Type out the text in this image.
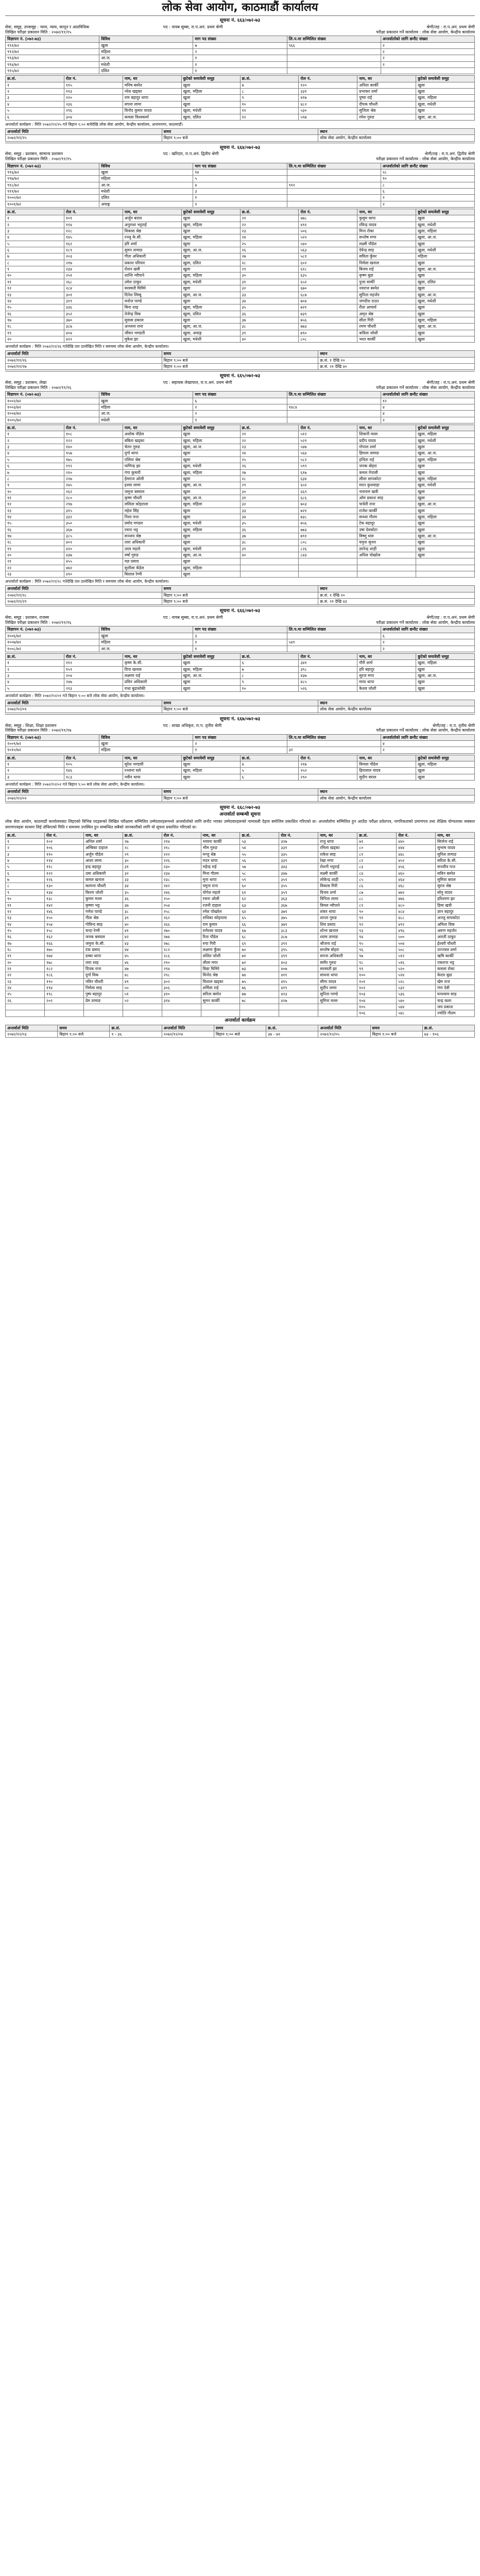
लोक सेवा आयोग, काठमाडौं कार्यालय
सूचना नं. ६६३/०७२-७३
सेवा, समूह, उपसमूह : न्याय, न्याय, कानून र अप्राविधिक	पद : नायब सुब्बा, रा.प.अनं. प्रथम श्रेणी	श्रेणी/तह : रा.प.अनं. प्रथम श्रेणी
लिखित परीक्षा प्रकाशन मिति : २०७२/११/१५	परीक्षा प्रकाशन गर्ने कार्यालय : लोक सेवा आयोग, केन्द्रीय कार्यालय
विज्ञापन नं. (०७२-७३)	विविध	माग पद संख्या	लि.प.मा सम्मिलित संख्या	अन्तर्वार्ताको लागि छनौट संख्या
९९१/७२	खुला	७	९६६	२
९९२/७२	महिला	२		२
९९३/७२	आ.ज.	१		२
९९४/७२	मधेशी	१		२
९९५/७२	दलित	१		
क्र.सं.	रोल नं.	नाम, थर	छुटेको समावेशी समूह	क्र.सं.	रोल नं.	नाम, थर	छुटेको समावेशी समूह
१	११५	मनिष बस्नेत	खुला	७	१२०	अनिता कार्की	खुला
२	१९३	नरेश खड्का	खुला, महिला	८	३३१	प्रभाकर शर्मा	खुला
३	२२०	राम बहादुर थापा	खुला	९	४१७	पुष्पा राई	खुला, महिला
४	२३६	सपना लामा	खुला	१०	४८२	दीपक चौधरी	खुला, मधेशी
५	२९६	विनोद कुमार यादव	खुला, मधेशी	११	५३०	सुजिता श्रेष्ठ	खुला
६	३०४	कमला विश्वकर्मा	खुला, दलित	१२	५९७	रमेश गुरुङ	खुला, आ.ज.
अन्तर्वार्ता कार्यक्रम : मिति २०७२/११/२५ गते बिहान ९:०० बजेदेखि लोक सेवा आयोग, केन्द्रीय कार्यालय, अनामनगर, काठमाडौं।
अन्तर्वार्ता मिति	समय	स्थान
२०७२/११/२५	बिहान ९:०० बजे	लोक सेवा आयोग, केन्द्रीय कार्यालय
सूचना नं. ६६४/०७२-७३
सेवा, समूह : प्रशासन, सामान्य प्रशासन	पद : खरिदार, रा.प.अनं. द्वितीय श्रेणी	श्रेणी/तह : रा.प.अनं. द्वितीय श्रेणी
लिखित परीक्षा प्रकाशन मिति : २०७२/११/१५	परीक्षा प्रकाशन गर्ने कार्यालय : लोक सेवा आयोग, केन्द्रीय कार्यालय
विज्ञापन नं. (०७२-७३)	विविध	माग पद संख्या	लि.प.मा सम्मिलित संख्या	अन्तर्वार्ताको लागि छनौट संख्या
९९६/७२	खुला	१४		२८
९९७/७२	महिला	५		१०
९९८/७२	आ.ज.	४	९१२	८
९९९/७२	मधेशी	३		६
१०००/७२	दलित	१		२
१००१/७२	अपाङ्ग	१		२
क्र.सं.	रोल नं.	नाम, थर	छुटेको समावेशी समूह	क्र.सं.	रोल नं.	नाम, थर	छुटेको समावेशी समूह
१	१०१	अर्जुन बराल	खुला	२१	४७८	कुसुम थापा	खुला
२	११४	अनुराधा भट्टराई	खुला, महिला	२२	४९१	रविन्द्र यादव	खुला, मधेशी
३	१२८	विकास श्रेष्ठ	खुला	२३	५०६	मिना रोका	खुला, महिला
४	१४५	रञ्जु के.सी.	खुला, महिला	२४	५२२	सन्तोष मगर	खुला, आ.ज.
५	१६२	हरि शर्मा	खुला	२५	५४०	लक्ष्मी पौडेल	खुला
६	१८९	सुमन तामाङ	खुला, आ.ज.	२६	५६३	देवेन्द्र साह	खुला, मधेशी
७	२०३	गीता अधिकारी	खुला	२७	५८१	सविता कुँवर	महिला
८	२१७	प्रकाश परियार	खुला, दलित	२८	६०२	निर्मला खनाल	खुला
९	२३४	रोशन खत्री	खुला	२९	६१८	बिजय राई	खुला, आ.ज.
१०	२५१	शान्ति न्यौपाने	खुला, महिला	३०	६३५	कृष्ण बुढा	खुला
११	२६८	उमेश ठाकुर	खुला, मधेशी	३१	६५२	पुजा सार्की	खुला, दलित
१२	२८४	सरस्वती घिमिरे	खुला	३२	६७०	नवराज बस्नेत	खुला
१३	३०१	दिनेश लिम्बू	खुला, आ.ज.	३३	६८७	सुनिता महर्जन	खुला, आ.ज.
१४	३१९	मनोज पाण्डे	खुला	३४	७०४	जगदीश राउत	खुला, मधेशी
१५	३३६	बिना शाह	खुला, महिला	३५	७२१	रीता आचार्य	खुला
१६	३५२	तेजेन्द्र विक	खुला, दलित	३६	७३९	अमृत श्रेष्ठ	खुला
१७	३७०	सुवास ढकाल	खुला	३७	७५६	सीता गिरी	खुला, महिला
१८	३८७	अञ्जना राना	खुला, आ.ज.	३८	७७३	रमण चौधरी	खुला, आ.ज.
१९	४०४	जीवन भण्डारी	खुला, अपाङ्ग	३९	७९०	कविता जोशी	खुला
२०	४२२	मुकेश झा	खुला, मधेशी	४०	८०८	भरत कार्की	खुला
अन्तर्वार्ता कार्यक्रम : मिति २०७२/११/२६ गतेदेखि तल उल्लेखित मिति र समयमा लोक सेवा आयोग, केन्द्रीय कार्यालय।
अन्तर्वार्ता मिति	समय	स्थान
२०७२/११/२६	बिहान ९:०० बजे	क्र.सं. १ देखि २०
२०७२/११/२७	बिहान ९:०० बजे	क्र.सं. २१ देखि ४०
सूचना नं. ६६५/०७२-७३
सेवा, समूह : प्रशासन, लेखा	पद : सहायक लेखापाल, रा.प.अनं. प्रथम श्रेणी	श्रेणी/तह : रा.प.अनं. प्रथम श्रेणी
लिखित परीक्षा प्रकाशन मिति : २०७२/११/१६	परीक्षा प्रकाशन गर्ने कार्यालय : लोक सेवा आयोग, केन्द्रीय कार्यालय
विज्ञापन नं. (०७२-७३)	विविध	माग पद संख्या	लि.प.मा सम्मिलित संख्या	अन्तर्वार्ताको लागि छनौट संख्या
१००२/७२	खुला	६		१२
१००३/७२	महिला	२	१४८४	४
१००४/७२	आ.ज.	२		४
१००५/७२	मधेशी	१		२
क्र.सं.	रोल नं.	नाम, थर	छुटेको समावेशी समूह	क्र.सं.	रोल नं.	नाम, थर	छुटेको समावेशी समूह
१	१०८	अशोक पौडेल	खुला	२१	५१२	शिवानी मल्ल	खुला, महिला
२	१२२	बबिता खड्का	खुला, महिला	२२	५२९	प्रदीप यादव	खुला, मधेशी
३	१४०	चेतन गुरुङ	खुला, आ.ज.	२३	५४७	गोपाल शर्मा	खुला
४	१५७	दुर्गा थापा	खुला	२४	५६४	हिमाल तामाङ	खुला, आ.ज.
५	१७५	एलिना श्रेष्ठ	खुला	२५	५८२	इन्दिरा राई	खुला, महिला
६	१९२	फणिन्द्र झा	खुला, मधेशी	२६	५९९	जनक बोहरा	खुला
७	२१०	गंगा कुमारी	खुला, महिला	२७	६१७	कमल नेपाली	खुला
८	२२७	हेमराज ओली	खुला	२८	६३४	लीला सापकोटा	खुला, महिला
९	२४५	इश्वर लामा	खुला, आ.ज.	२९	६५१	मदन कुशवाहा	खुला, मधेशी
१०	२६२	जमुना बस्याल	खुला	३०	६६९	नारायण खत्री	खुला
११	२८०	कृष्ण चौधरी	खुला, आ.ज.	३१	६८६	ओम प्रकाश साह	खुला
१२	२९७	ललिता कोइराला	खुला, महिला	३२	७०३	पार्वती राना	खुला, आ.ज.
१३	३१५	महेश सिंह	खुला	३३	७२१	राजेश कार्की	खुला
१४	३३२	निशा पन्त	खुला	३४	७३८	सन्ध्या गौतम	खुला, महिला
१५	३५०	प्रमोद मण्डल	खुला, मधेशी	३५	७५६	टेक बहादुर	खुला
१६	३६७	रचना भट्ट	खुला, महिला	३६	७७३	उषा देवकोटा	खुला
१७	३८५	सञ्जय श्रेष्ठ	खुला	३७	७९१	विष्णु थारु	खुला, आ.ज.
१८	४०२	तारा अधिकारी	खुला	३८	८०८	यमुना सुनार	खुला
१९	४२०	उदय महतो	खुला, मधेशी	३९	८२६	ज्ञानेन्द्र शाही	खुला
२०	४३७	वर्षा गुरुङ	खुला, आ.ज.	४०	८४३	अनिल पोखरेल	खुला
२१	४५५	यज्ञ प्रसाद	खुला				
२२	४७२	सुशीला कँडेल	खुला, महिला				
२३	४९०	बिशाल रेग्मी	खुला				
अन्तर्वार्ता कार्यक्रम : मिति २०७२/११/२८ गतेदेखि तल उल्लेखित मिति र समयमा लोक सेवा आयोग, केन्द्रीय कार्यालय।
अन्तर्वार्ता मिति	समय	स्थान
२०७२/११/२८	बिहान ९:०० बजे	क्र.सं. १ देखि २०
२०७२/११/२९	बिहान ९:०० बजे	क्र.सं. २१ देखि ४३
सूचना नं. ६६६/०७२-७३
सेवा, समूह : प्रशासन, राजस्व	पद : नायब सुब्बा, रा.प.अनं. प्रथम श्रेणी	श्रेणी/तह : रा.प.अनं. प्रथम श्रेणी
लिखित परीक्षा प्रकाशन मिति : २०७२/११/१६	परीक्षा प्रकाशन गर्ने कार्यालय : लोक सेवा आयोग, केन्द्रीय कार्यालय
विज्ञापन नं. (०७२-७३)	विविध	माग पद संख्या	लि.प.मा सम्मिलित संख्या	अन्तर्वार्ताको लागि छनौट संख्या
१००६/७२	खुला	३		६
१००७/७२	महिला	१	५४१	२
१००८/७२	आ.ज.	१		२
क्र.सं.	रोल नं.	नाम, थर	छुटेको समावेशी समूह	क्र.सं.	रोल नं.	नाम, थर	छुटेको समावेशी समूह
१	११२	कृष्ण के.सी.	खुला	६	३४१	गौरी शर्मा	खुला, महिला
२	१५९	दिपा खनाल	खुला, महिला	७	३९८	हरि बहादुर	खुला
३	२०४	लक्ष्मण राई	खुला, आ.ज.	८	४३७	सुरज मगर	खुला, आ.ज.
४	२४७	प्रविन अधिकारी	खुला	९	४८५	माया थापा	खुला
५	२९३	राधा बुढाथोकी	खुला	१०	५२६	केशव जोशी	खुला
अन्तर्वार्ता कार्यक्रम : मिति २०७२/१२/०१ गते बिहान ९:०० बजे लोक सेवा आयोग, केन्द्रीय कार्यालय।
अन्तर्वार्ता मिति	समय	स्थान
२०७२/१२/०१	बिहान ९:०० बजे	लोक सेवा आयोग, केन्द्रीय कार्यालय
सूचना नं. ६६७/०७२-७३
सेवा, समूह : शिक्षा, शिक्षा प्रशासन	पद : शाखा अधिकृत, रा.प. तृतीय श्रेणी	श्रेणी/तह : रा.प. तृतीय श्रेणी
लिखित परीक्षा प्रकाशन मिति : २०७२/११/१७	परीक्षा प्रकाशन गर्ने कार्यालय : लोक सेवा आयोग, केन्द्रीय कार्यालय
विज्ञापन नं. (०७२-७३)	विविध	माग पद संख्या	लि.प.मा सम्मिलित संख्या	अन्तर्वार्ताको लागि छनौट संख्या
१००९/७२	खुला	२		४
१०१०/७२	महिला	१	३२	२
क्र.सं.	रोल नं.	नाम, थर	छुटेको समावेशी समूह	क्र.सं.	रोल नं.	नाम, थर	छुटेको समावेशी समूह
१	१०५	सुरेश भण्डारी	खुला	४	२१७	विमला पौडेल	खुला, महिला
२	१४६	रञ्जना घले	खुला, महिला	५	२५२	हिरालाल यादव	खुला
३	१८३	नवीन थापा	खुला	६	२९०	सुदीप बराल	खुला
अन्तर्वार्ता कार्यक्रम : मिति २०७२/१२/०२ गते बिहान ९:०० बजे लोक सेवा आयोग, केन्द्रीय कार्यालय।
अन्तर्वार्ता मिति	समय	स्थान
२०७२/१२/०२	बिहान ९:०० बजे	लोक सेवा आयोग, केन्द्रीय कार्यालय
सूचना नं. ६६८/०७२-७३
अन्तर्वार्ता सम्बन्धी सूचना

लोक सेवा आयोग, काठमाडौं कार्यालयबाट लिइएको विभिन्न पदहरूको लिखित परीक्षामा सम्मिलित उम्मेदवारहरूमध्ये अन्तर्वार्ताको लागि छनौट भएका उम्मेदवारहरूको नामावली देहाय बमोजिम प्रकाशित गरिएको छ। अन्तर्वार्तामा सम्मिलित हुन आउँदा परीक्षा प्रवेशपत्र, नागरिकताको प्रमाणपत्र तथा शैक्षिक योग्यताका सक्कल प्रमाणपत्रहरू साथमा लिई तोकिएको मिति र समयमा उपस्थित हुन सम्बन्धित सबैको जानकारीको लागि यो सूचना प्रकाशित गरिएको छ।

क्र.सं.	रोल नं.	नाम, थर	क्र.सं.	रोल नं.	नाम, थर	क्र.सं.	रोल नं.	नाम, थर	क्र.सं.	रोल नं.	नाम, थर
१	१०२	अनिल शर्मा	२७	२१४	भावना कार्की	५३	३२७	राजु थापा	७९	४४०	सिर्जना राई
२	१०६	अम्बिका दाहाल	२८	२१८	भीम गुरुङ	५४	३३१	रमिला खड्का	८०	४४४	सुभाष यादव
३	११०	अर्जुन पौडेल	२९	२२२	मन्जु श्रेष्ठ	५५	३३५	राकेश साह	८१	४४८	सुनिल तामाङ
४	११४	आशा लामा	३०	२२६	मदन थापा	५६	३३९	रेखा मगर	८२	४५२	सरिता के.सी.
५	११८	इन्द्र बहादुर	३१	२३०	महेन्द्र राई	५७	३४३	रोशनी भट्टराई	८३	४५६	सञ्जीव पन्त
६	१२२	उमा अधिकारी	३२	२३४	मिना गौतम	५८	३४७	लक्ष्मी कार्की	८४	४६०	सविन बस्नेत
७	१२६	कमल खनाल	३३	२३८	मुना थापा	५९	३५१	लोकेन्द्र शाही	८५	४६४	सुमित्रा बराल
८	१३०	कल्पना चौधरी	३४	२४२	यमुना राना	६०	३५५	विकास गिरी	८६	४६८	सुरज श्रेष्ठ
९	१३४	किरण जोशी	३५	२४६	योगेश महतो	६१	३५९	विजय शर्मा	८७	४७२	सोनु यादव
१०	१३८	कुमार मल्ल	३६	२५०	रचना ओली	६२	३६३	विनिता लामा	८८	४७६	हरिशरण झा
११	१४२	कृष्णा भट्ट	३७	२५४	रजनी दाहाल	६३	३६७	विमल न्यौपाने	८९	४८०	हिमा खत्री
१२	१४६	गणेश पाण्डे	३८	२५८	रमेश पोखरेल	६४	३७१	शंकर थापा	९०	४८४	ज्ञान बहादुर
१३	१५०	गीता श्रेष्ठ	३९	२६२	राधिका कोइराला	६५	३७५	शान्ता गुरुङ	९१	४८८	अञ्जु सापकोटा
१४	१५४	गोविन्द साह	४०	२६६	राम कुमार	६६	३७९	शिव प्रसाद	९२	४९२	अमिता विक
१५	१५८	चन्दा रेग्मी	४१	२७०	रामेश्वर यादव	६७	३८३	शोभा खनाल	९३	४९६	अरुण महर्जन
१६	१६२	जनक बस्याल	४२	२७४	रिता पौडेल	६८	३८७	श्याम तामाङ	९४	५००	आरती ठाकुर
१७	१६६	जमुना के.सी.	४३	२७८	रुपा गिरी	६९	३९१	श्रीजना राई	९५	५०४	ईश्वरी चौधरी
१८	१७०	टंक प्रसाद	४४	२८२	लक्ष्मण कुँवर	७०	३९५	सन्तोष बोहरा	९६	५०८	उज्ज्वल शर्मा
१९	१७४	डम्बर थापा	४५	२८६	ललित जोशी	७१	३९९	सपना अधिकारी	९७	५१२	ऋषि कार्की
२०	१७८	तारा शाह	४६	२९०	लीला मगर	७२	४०३	समीर गुरुङ	९८	५१६	एकराज भट्ट
२१	१८२	दिपक राना	४७	२९४	विद्या घिमिरे	७३	४०७	सरस्वती झा	९९	५२०	कमला रोका
२२	१८६	दुर्गा विक	४८	२९८	विनोद श्रेष्ठ	७४	४११	साधना थापा	१००	५२४	केदार बुढा
२३	१९०	नविन चौधरी	४९	३०२	विशाल खड्का	७५	४१५	सीमा यादव	१०१	५२८	खेम राज
२४	१९४	निर्मला साह	५०	३०६	शर्मिला राई	७६	४१९	सुदीप लामा	१०२	५३२	गंगा देवी
२५	१९८	पुष्प बहादुर	५१	३१०	सरिता बस्नेत	७७	४२३	सुनिता पाण्डे	१०३	५३६	घनश्याम साह
२६	२०२	प्रेम तामाङ	५२	३१४	सुमन कार्की	७८	४२७	सुमिना मल्ल	१०४	५४०	चन्द्र कला
									१०५	५४४	जय प्रकाश
									१०६	५४८	ज्योति गौतम
अन्तर्वार्ता कार्यक्रम
अन्तर्वार्ता मिति	समय	क्र.सं.	अन्तर्वार्ता मिति	समय	क्र.सं.	अन्तर्वार्ता मिति	समय	क्र.सं.
२०७२/१२/०३	बिहान ९:०० बजे	१ - ३६	२०७२/१२/०४	बिहान ९:०० बजे	३७ - ७२	२०७२/१२/०५	बिहान ९:०० बजे	७३ - १०६
